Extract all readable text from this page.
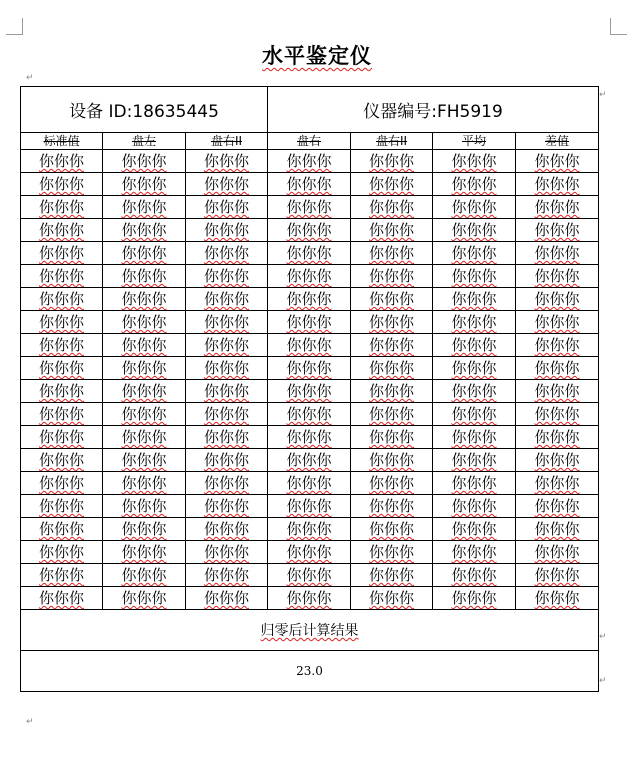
水平鉴定仪
↵
设备 ID:18635445			仪器编号:FH5919			
标准值	盘左	盘右II	盘右	盘右II	平均	差值
你你你	你你你	你你你	你你你	你你你	你你你	你你你
你你你	你你你	你你你	你你你	你你你	你你你	你你你
你你你	你你你	你你你	你你你	你你你	你你你	你你你
你你你	你你你	你你你	你你你	你你你	你你你	你你你
你你你	你你你	你你你	你你你	你你你	你你你	你你你
你你你	你你你	你你你	你你你	你你你	你你你	你你你
你你你	你你你	你你你	你你你	你你你	你你你	你你你
你你你	你你你	你你你	你你你	你你你	你你你	你你你
你你你	你你你	你你你	你你你	你你你	你你你	你你你
你你你	你你你	你你你	你你你	你你你	你你你	你你你
你你你	你你你	你你你	你你你	你你你	你你你	你你你
你你你	你你你	你你你	你你你	你你你	你你你	你你你
你你你	你你你	你你你	你你你	你你你	你你你	你你你
你你你	你你你	你你你	你你你	你你你	你你你	你你你
你你你	你你你	你你你	你你你	你你你	你你你	你你你
你你你	你你你	你你你	你你你	你你你	你你你	你你你
你你你	你你你	你你你	你你你	你你你	你你你	你你你
你你你	你你你	你你你	你你你	你你你	你你你	你你你
你你你	你你你	你你你	你你你	你你你	你你你	你你你
你你你	你你你	你你你	你你你	你你你	你你你	你你你
归零后计算结果						
23.0						
↵
↵
↵
↵
